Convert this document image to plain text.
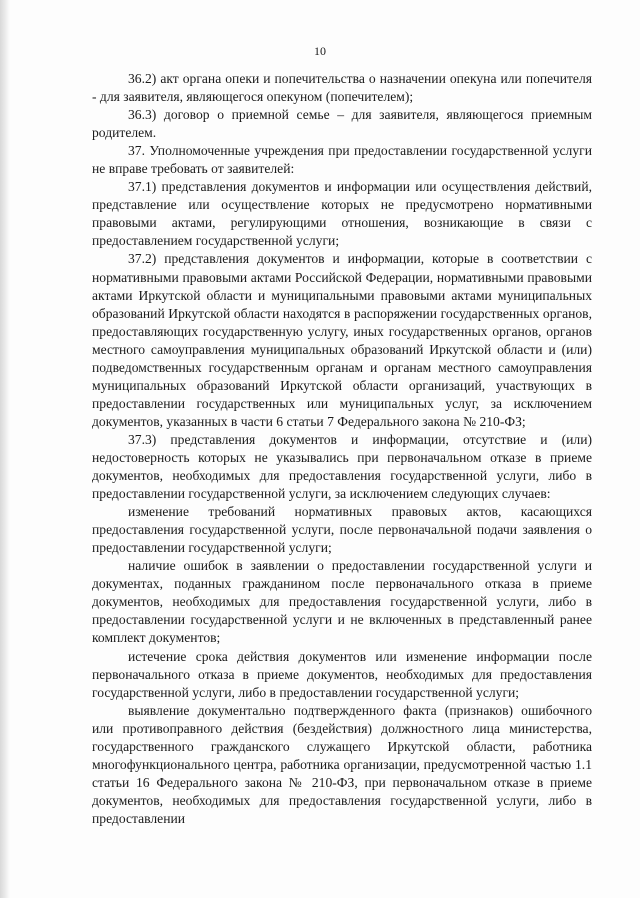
10

36.2) акт органа опеки и попечительства о назначении опекуна или попечителя - для заявителя, являющегося опекуном (попечителем);

36.3) договор о приемной семье – для заявителя, являющегося приемным родителем.

37. Уполномоченные учреждения при предоставлении государственной услуги не вправе требовать от заявителей:

37.1) представления документов и информации или осуществления действий, представление или осуществление которых не предусмотрено нормативными правовыми актами, регулирующими отношения, возникающие в связи с предоставлением государственной услуги;

37.2) представления документов и информации, которые в соответствии с нормативными правовыми актами Российской Федерации, нормативными правовыми актами Иркутской области и муниципальными правовыми актами муниципальных образований Иркутской области находятся в распоряжении государственных органов, предоставляющих государственную услугу, иных государственных органов, органов местного самоуправления муниципальных образований Иркутской области и (или) подведомственных государственным органам и органам местного самоуправления муниципальных образований Иркутской области организаций, участвующих в предоставлении государственных или муниципальных услуг, за исключением документов, указанных в части 6 статьи 7 Федерального закона № 210-ФЗ;

37.3) представления документов и информации, отсутствие и (или) недостоверность которых не указывались при первоначальном отказе в приеме документов, необходимых для предоставления государственной услуги, либо в предоставлении государственной услуги, за исключением следующих случаев:

изменение требований нормативных правовых актов, касающихся предоставления государственной услуги, после первоначальной подачи заявления о предоставлении государственной услуги;

наличие ошибок в заявлении о предоставлении государственной услуги и документах, поданных гражданином после первоначального отказа в приеме документов, необходимых для предоставления государственной услуги, либо в предоставлении государственной услуги и не включенных в представленный ранее комплект документов;

истечение срока действия документов или изменение информации после первоначального отказа в приеме документов, необходимых для предоставления государственной услуги, либо в предоставлении государственной услуги;

выявление документально подтвержденного факта (признаков) ошибочного или противоправного действия (бездействия) должностного лица министерства, государственного гражданского служащего Иркутской области, работника многофункционального центра, работника организации, предусмотренной частью 1.1 статьи 16 Федерального закона № 210-ФЗ, при первоначальном отказе в приеме документов, необходимых для предоставления государственной услуги, либо в предоставлении
